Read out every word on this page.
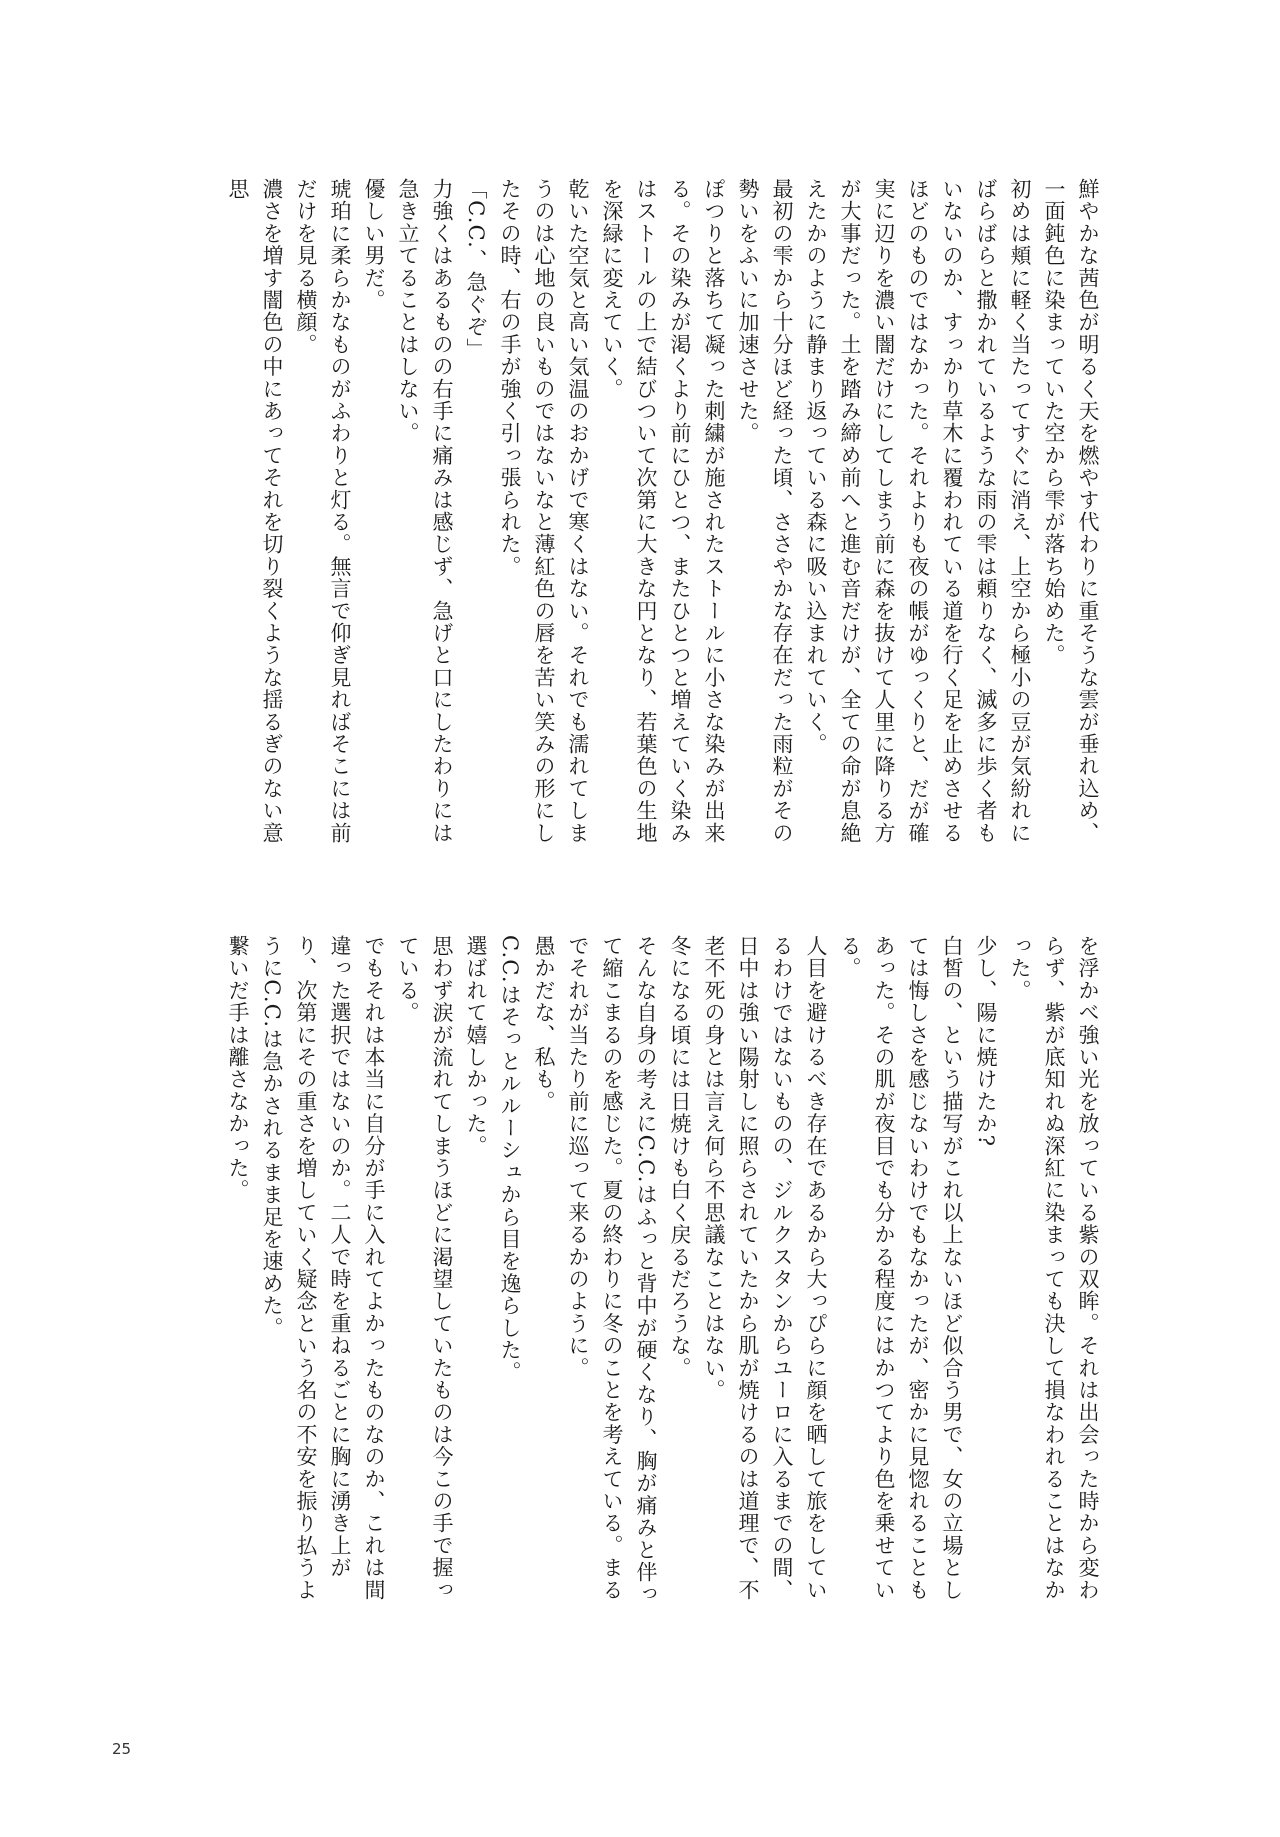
鮮やかな茜色が明るく天を燃やす代わりに重そうな雲が垂れ込め、一面鈍色に染まっていた空から雫が落ち始めた。

初めは頬に軽く当たってすぐに消え、上空から極小の豆が気紛れにばらばらと撒かれているような雨の雫は頼りなく、滅多に歩く者もいないのか、すっかり草木に覆われている道を行く足を止めさせるほどのものではなかった。それよりも夜の帳がゆっくりと、だが確実に辺りを濃い闇だけにしてしまう前に森を抜けて人里に降りる方が大事だった。土を踏み締め前へと進む音だけが、全ての命が息絶えたかのように静まり返っている森に吸い込まれていく。

最初の雫から十分ほど経った頃、ささやかな存在だった雨粒がその勢いをふいに加速させた。

ぽつりと落ちて凝った刺繍が施されたストールに小さな染みが出来る。その染みが渇くより前にひとつ、またひとつと増えていく染みはストールの上で結びついて次第に大きな円となり、若葉色の生地を深緑に変えていく。

乾いた空気と高い気温のおかげで寒くはない。それでも濡れてしまうのは心地の良いものではないなと薄紅色の唇を苦い笑みの形にしたその時、右の手が強く引っ張られた。

「C.C.、急ぐぞ」

力強くはあるものの右手に痛みは感じず、急げと口にしたわりには急き立てることはしない。

優しい男だ。

琥珀に柔らかなものがふわりと灯る。無言で仰ぎ見ればそこには前だけを見る横顔。

濃さを増す闇色の中にあってそれを切り裂くような揺るぎのない意思

を浮かべ強い光を放っている紫の双眸。それは出会った時から変わらず、紫が底知れぬ深紅に染まっても決して損なわれることはなかった。

少し、陽に焼けたか?

白皙の、という描写がこれ以上ないほど似合う男で、女の立場としては悔しさを感じないわけでもなかったが、密かに見惚れることもあった。その肌が夜目でも分かる程度にはかつてより色を乗せている。

人目を避けるべき存在であるから大っぴらに顔を晒して旅をしているわけではないものの、ジルクスタンからユーロに入るまでの間、日中は強い陽射しに照らされていたから肌が焼けるのは道理で、不老不死の身とは言え何ら不思議なことはない。

冬になる頃には日焼けも白く戻るだろうな。

そんな自身の考えにC.C.はふっと背中が硬くなり、胸が痛みと伴って縮こまるのを感じた。夏の終わりに冬のことを考えている。まるでそれが当たり前に巡って来るかのように。

愚かだな、私も。

C.C.はそっとルルーシュから目を逸らした。

選ばれて嬉しかった。

思わず涙が流れてしまうほどに渇望していたものは今この手で握っている。

でもそれは本当に自分が手に入れてよかったものなのか、これは間違った選択ではないのか。二人で時を重ねるごとに胸に湧き上がり、次第にその重さを増していく疑念という名の不安を振り払うようにC.C.は急かされるまま足を速めた。

繋いだ手は離さなかった。

25
